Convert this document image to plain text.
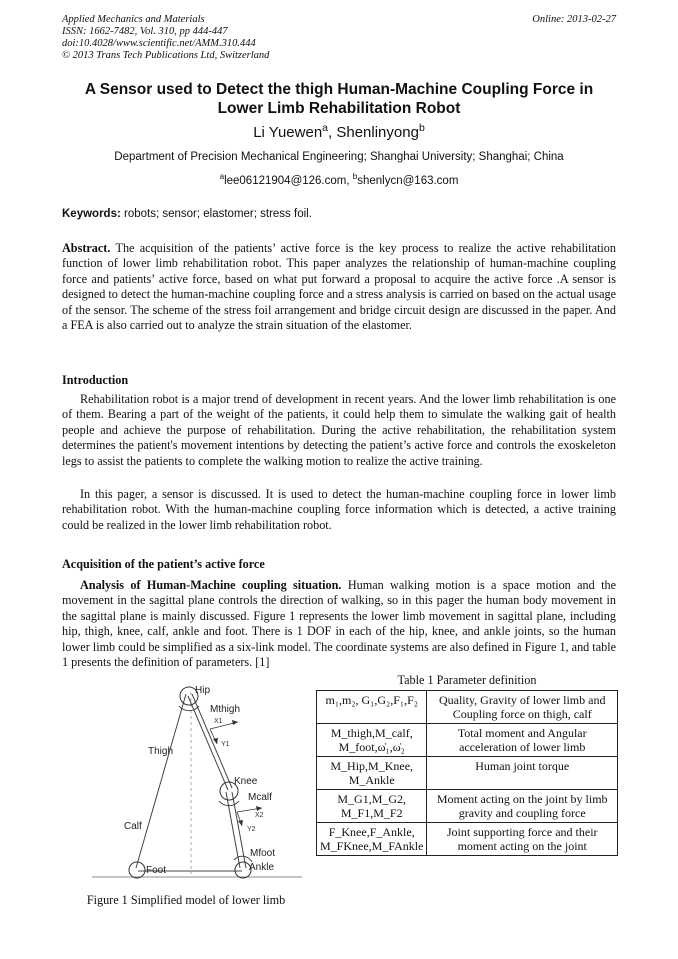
Applied Mechanics and Materials
ISSN: 1662-7482, Vol. 310, pp 444-447
doi:10.4028/www.scientific.net/AMM.310.444
© 2013 Trans Tech Publications Ltd, Switzerland
Online: 2013-02-27
A Sensor used to Detect the thigh Human-Machine Coupling Force in Lower Limb Rehabilitation Robot
Li Yuewen$^a$, Shenlinyong$^b$
Department of Precision Mechanical Engineering; Shanghai University; Shanghai; China
$^a$lee06121904@126.com, $^b$shenlycn@163.com
Keywords: robots; sensor; elastomer; stress foil.
Abstract. The acquisition of the patients’ active force is the key process to realize the active rehabilitation function of lower limb rehabilitation robot. This paper analyzes the relationship of human-machine coupling force and patients’ active force, based on what put forward a proposal to acquire the active force .A sensor is designed to detect the human-machine coupling force and a stress analysis is carried on based on the actual usage of the sensor. The scheme of the stress foil arrangement and bridge circuit design are discussed in the paper. And a FEA is also carried out to analyze the strain situation of the elastomer.
Introduction
Rehabilitation robot is a major trend of development in recent years. And the lower limb rehabilitation is one of them. Bearing a part of the weight of the patients, it could help them to simulate the walking gait of health people and achieve the purpose of rehabilitation. During the active rehabilitation, the rehabilitation system determines the patient's movement intentions by detecting the patient’s active force and controls the exoskeleton legs to assist the patients to complete the walking motion to realize the active training.
In this pager, a sensor is discussed. It is used to detect the human-machine coupling force in lower limb rehabilitation robot. With the human-machine coupling force information which is detected, a active training could be realized in the lower limb rehabilitation robot.
Acquisition of the patient’s active force
Analysis of Human-Machine coupling situation. Human walking motion is a space motion and the movement in the sagittal plane controls the direction of walking, so in this pager the human body movement in the sagittal plane is mainly discussed. Figure 1 represents the lower limb movement in sagittal plane, including hip, thigh, knee, calf, ankle and foot. There is 1 DOF in each of the hip, knee, and ankle joints, so the human lower limb could be simplified as a six-link model. The coordinate systems are also defined in Figure 1, and table 1 presents the definition of parameters. [1]
Hip
Mthigh
X1
Y1
Thigh
Knee
Mcalf
X2
Y2
Calf
Mfoot
Ankle
Foot
Figure 1 Simplified model of lower limb
Table 1 Parameter definition
m₁,m₂, G₁,G₂,F₁,F₂	Quality, Gravity of lower limb and Coupling force on thigh, calf
M_thigh,M_calf, M_foot,ω̇₁,ω̇₂	Total moment and Angular acceleration of lower limb
M_Hip,M_Knee, M_Ankle	Human joint torque
M_G1,M_G2, M_F1,M_F2	Moment acting on the joint by limb gravity and coupling force
F_Knee,F_Ankle, M_FKnee,M_FAnkle	Joint supporting force and their moment acting on the joint
